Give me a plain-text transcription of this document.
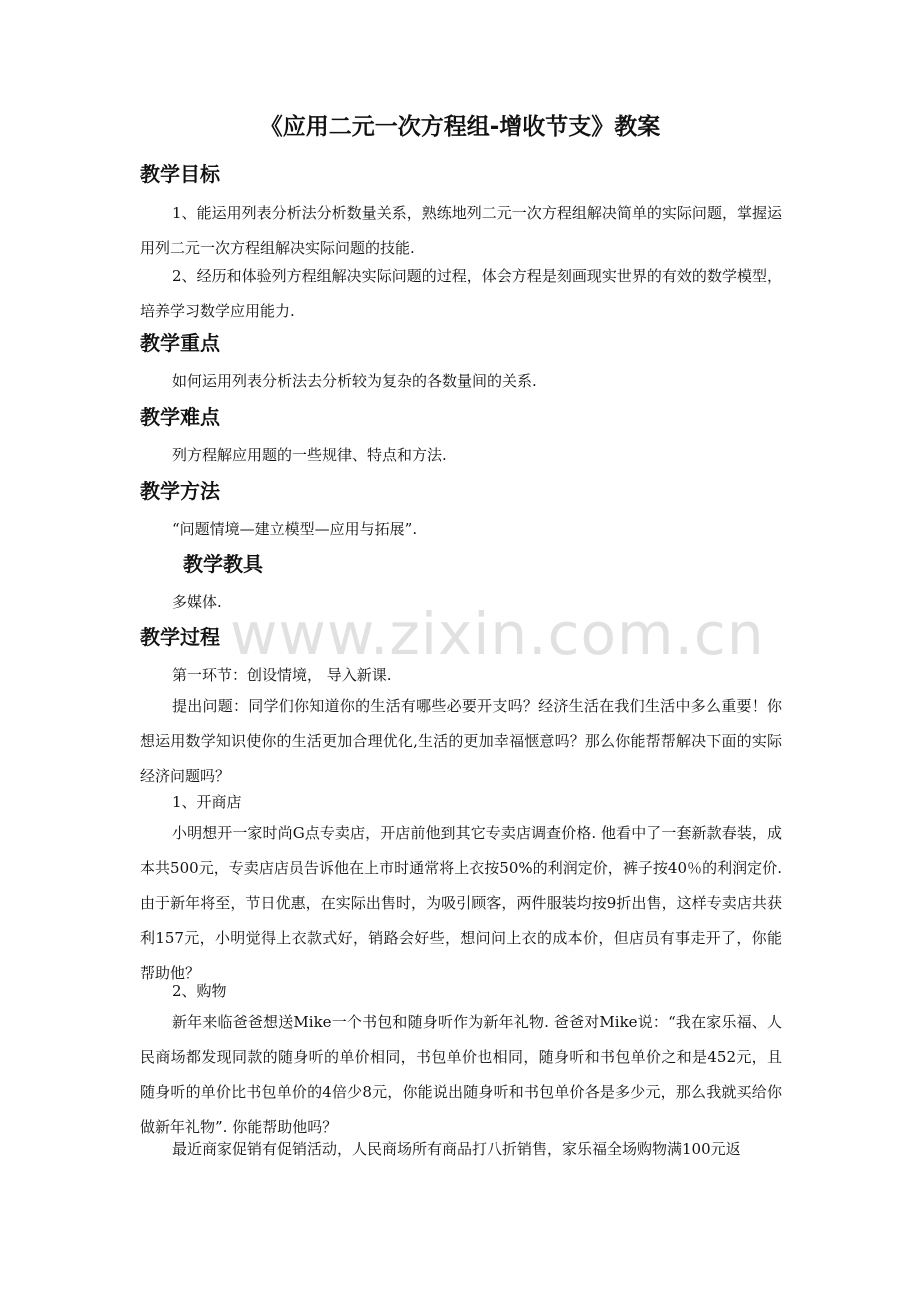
《应用二元一次方程组-增收节支》教案
教学目标
1、能运用列表分析法分析数量关系，熟练地列二元一次方程组解决简单的实际问题，掌握运用列二元一次方程组解决实际问题的技能.
2、经历和体验列方程组解决实际问题的过程，体会方程是刻画现实世界的有效的数学模型，培养学习数学应用能力.
教学重点
如何运用列表分析法去分析较为复杂的各数量间的关系.
教学难点
列方程解应用题的一些规律、特点和方法.
教学方法
“问题情境—建立模型—应用与拓展”.
教学教具
多媒体. www.zixin.com.cn
教学过程
第一环节：创设情境， 导入新课.
提出问题：同学们你知道你的生活有哪些必要开支吗？经济生活在我们生活中多么重要！你想运用数学知识使你的生活更加合理优化,生活的更加幸福惬意吗？那么你能帮帮解决下面的实际经济问题吗？
1、开商店
小明想开一家时尚G点专卖店，开店前他到其它专卖店调查价格. 他看中了一套新款春装，成本共500元，专卖店店员告诉他在上市时通常将上衣按50%的利润定价，裤子按40％的利润定价. 由于新年将至，节日优惠，在实际出售时，为吸引顾客，两件服装均按9折出售，这样专卖店共获利157元，小明觉得上衣款式好，销路会好些，想问问上衣的成本价，但店员有事走开了，你能帮助他？
2、购物
新年来临爸爸想送Mike一个书包和随身听作为新年礼物. 爸爸对Mike说：“我在家乐福、人民商场都发现同款的随身听的单价相同，书包单价也相同，随身听和书包单价之和是452元，且随身听的单价比书包单价的4倍少8元，你能说出随身听和书包单价各是多少元，那么我就买给你做新年礼物”. 你能帮助他吗？
最近商家促销有促销活动，人民商场所有商品打八折销售，家乐福全场购物满100元返
